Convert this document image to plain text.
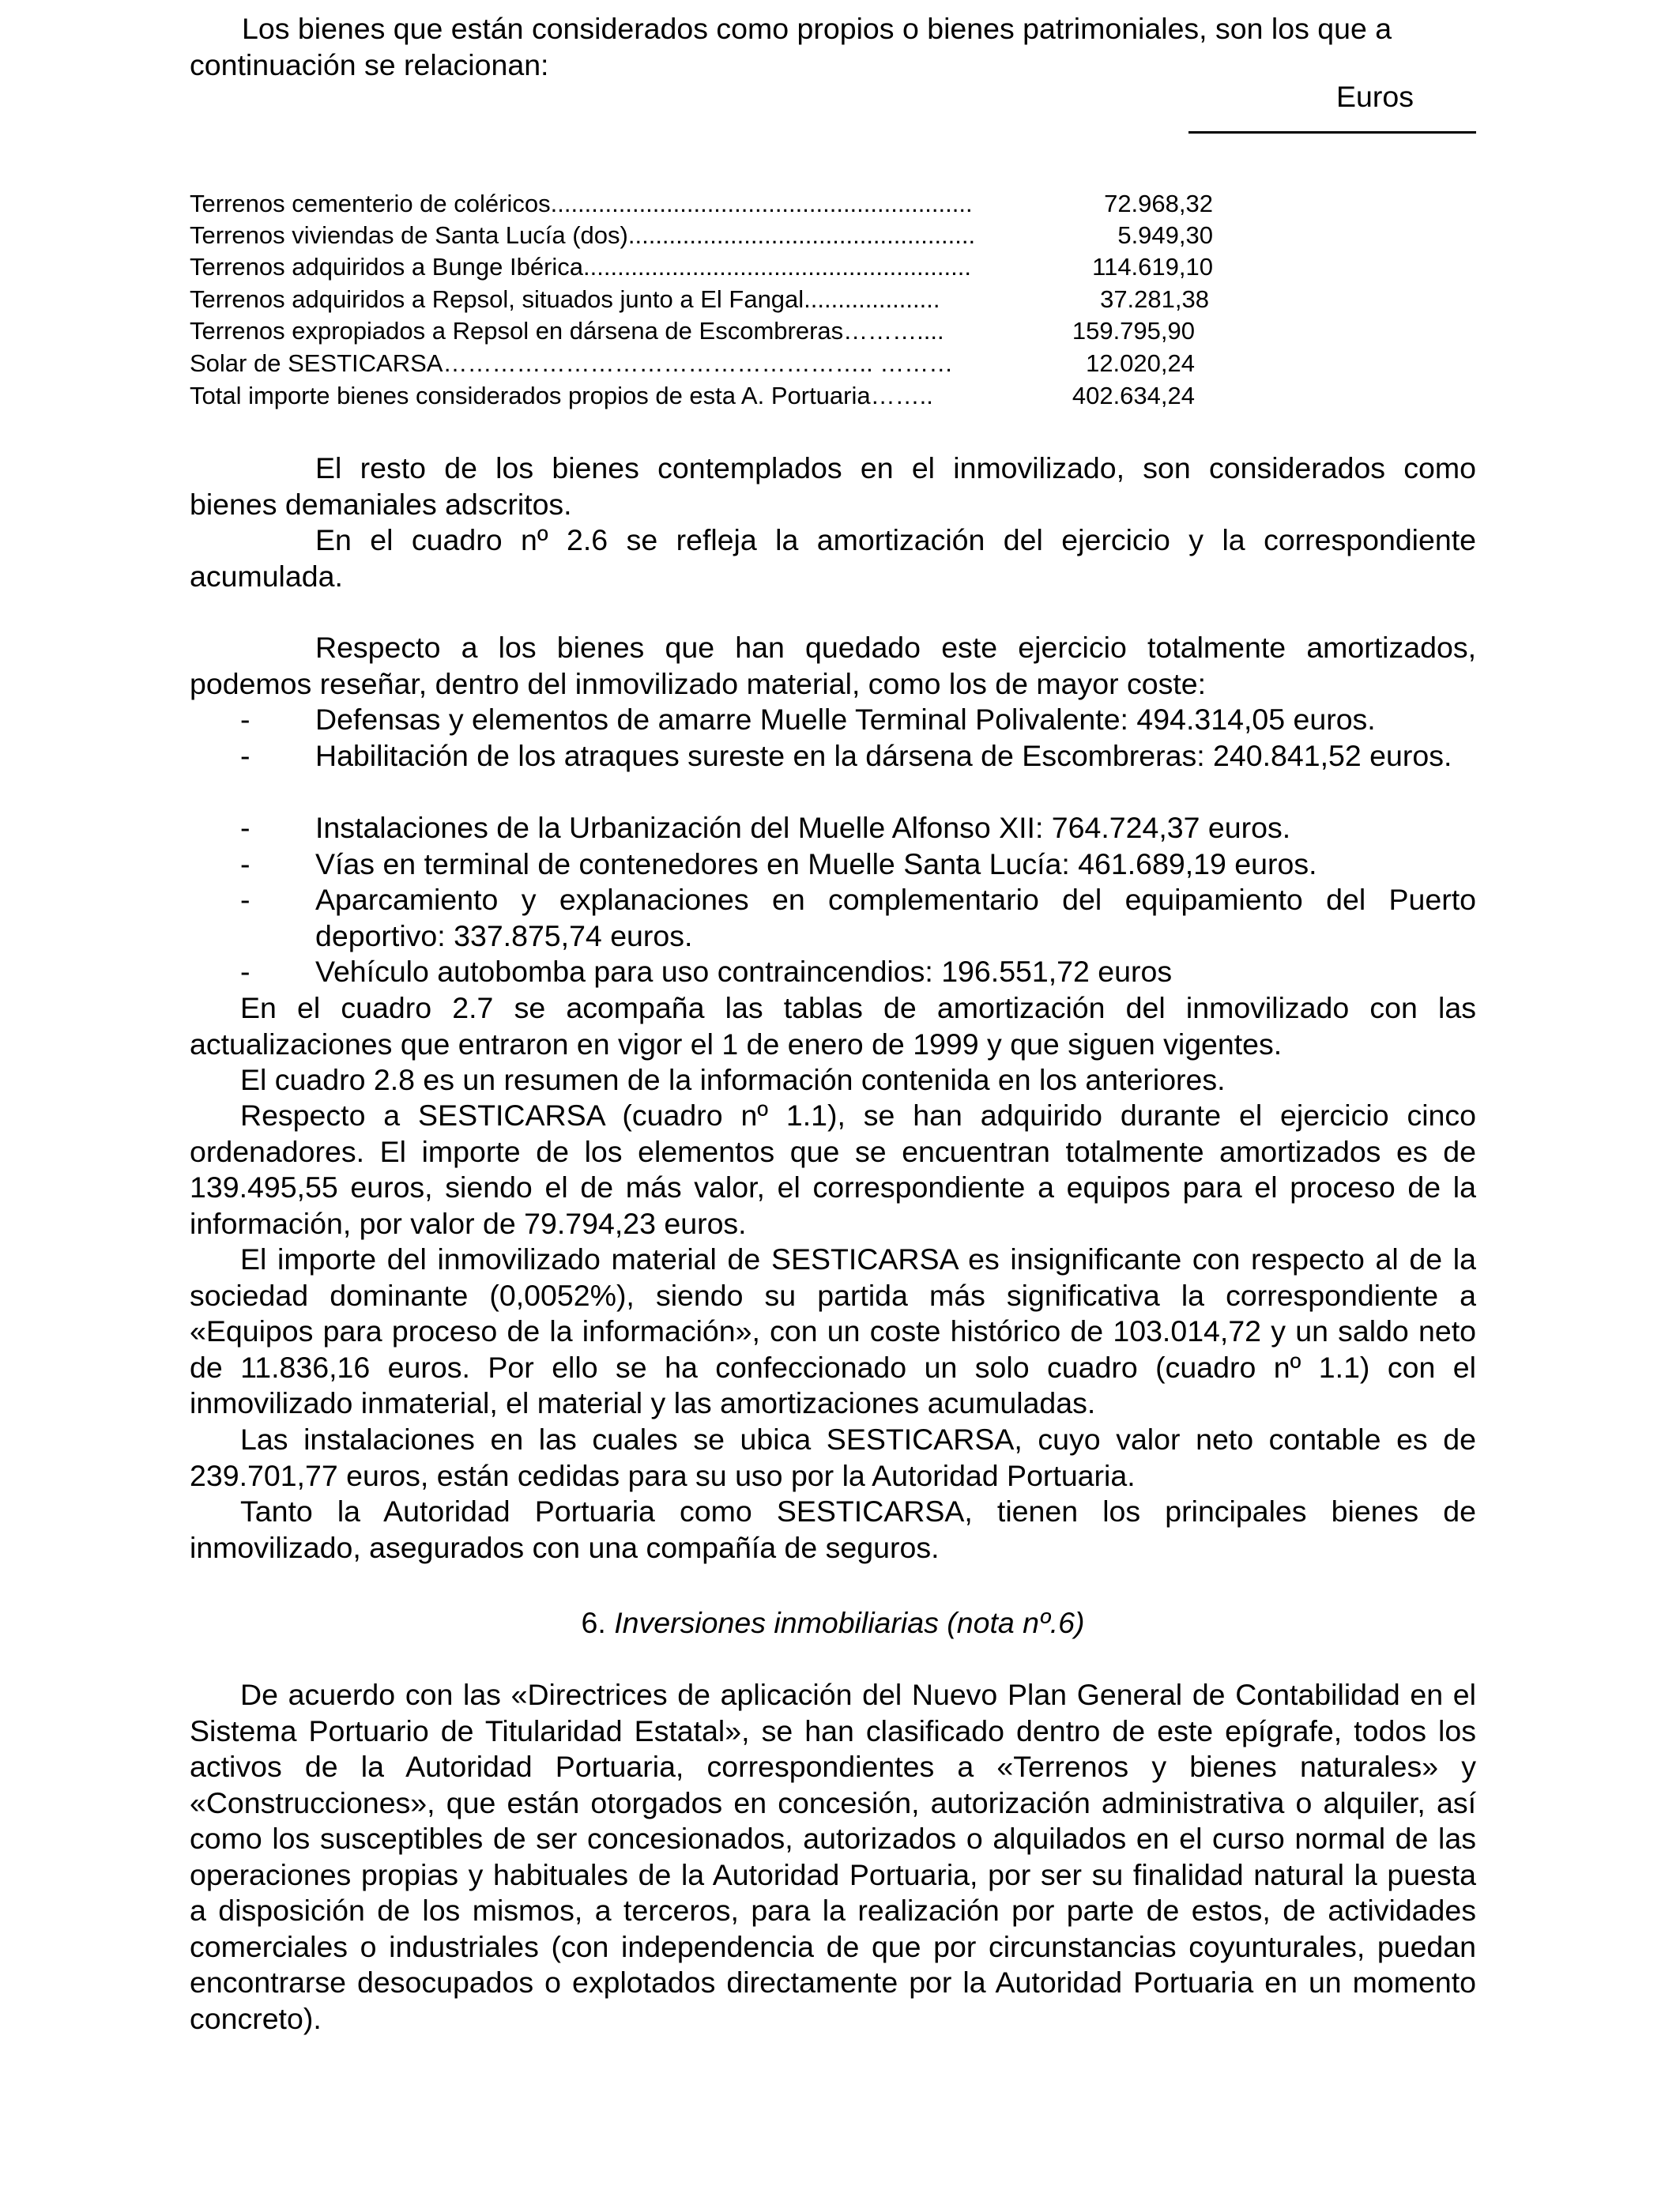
Los bienes que están considerados como propios o bienes patrimoniales, son los que a
continuación se relacionan:

Euros
Terrenos cementerio de coléricos..............................................................	72.968,32
Terrenos viviendas de Santa Lucía (dos)...................................................	5.949,30
Terrenos adquiridos a Bunge Ibérica.........................................................	114.619,10
Terrenos adquiridos a Repsol, situados junto a El Fangal....................	37.281,38
Terrenos expropiados a Repsol en dársena de Escombreras………....	159.795,90
Solar de SESTICARSA…………………………………………….. ………	12.020,24
Total importe bienes considerados propios de esta A. Portuaria……..	402.634,24

El resto de los bienes contemplados en el inmovilizado, son considerados como
bienes demaniales adscritos.

En el cuadro nº 2.6 se refleja la amortización del ejercicio y la correspondiente
acumulada.

Respecto a los bienes que han quedado este ejercicio totalmente amortizados,
podemos reseñar, dentro del inmovilizado material, como los de mayor coste:

- Defensas y elementos de amarre Muelle Terminal Polivalente: 494.314,05 euros.
- Habilitación de los atraques sureste en la dársena de Escombreras: 240.841,52 euros.
- Instalaciones de la Urbanización del Muelle Alfonso XII: 764.724,37 euros.
- Vías en terminal de contenedores en Muelle Santa Lucía: 461.689,19 euros.
- Aparcamiento y explanaciones en complementario del equipamiento del Puerto deportivo: 337.875,74 euros.
- Vehículo autobomba para uso contraincendios: 196.551,72 euros

En el cuadro 2.7 se acompaña las tablas de amortización del inmovilizado con las actualizaciones que entraron en vigor el 1 de enero de 1999 y que siguen vigentes.

El cuadro 2.8 es un resumen de la información contenida en los anteriores.

Respecto a SESTICARSA (cuadro nº 1.1), se han adquirido durante el ejercicio cinco ordenadores. El importe de los elementos que se encuentran totalmente amortizados es de 139.495,55 euros, siendo el de más valor, el correspondiente a equipos para el proceso de la información, por valor de 79.794,23 euros.

El importe del inmovilizado material de SESTICARSA es insignificante con respecto al de la sociedad dominante (0,0052%), siendo su partida más significativa la correspondiente a «Equipos para proceso de la información», con un coste histórico de 103.014,72 y un saldo neto de 11.836,16 euros. Por ello se ha confeccionado un solo cuadro (cuadro nº 1.1) con el inmovilizado inmaterial, el material y las amortizaciones acumuladas.

Las instalaciones en las cuales se ubica SESTICARSA, cuyo valor neto contable es de 239.701,77 euros, están cedidas para su uso por la Autoridad Portuaria.

Tanto la Autoridad Portuaria como SESTICARSA, tienen los principales bienes de inmovilizado, asegurados con una compañía de seguros.

6. Inversiones inmobiliarias (nota nº.6)

De acuerdo con las «Directrices de aplicación del Nuevo Plan General de Contabilidad en el Sistema Portuario de Titularidad Estatal», se han clasificado dentro de este epígrafe, todos los activos de la Autoridad Portuaria, correspondientes a «Terrenos y bienes naturales» y «Construcciones», que están otorgados en concesión, autorización administrativa o alquiler, así como los susceptibles de ser concesionados, autorizados o alquilados en el curso normal de las operaciones propias y habituales de la Autoridad Portuaria, por ser su finalidad natural la puesta a disposición de los mismos, a terceros, para la realización por parte de estos, de actividades comerciales o industriales (con independencia de que por circunstancias coyunturales, puedan encontrarse desocupados o explotados directamente por la Autoridad Portuaria en un momento concreto).
